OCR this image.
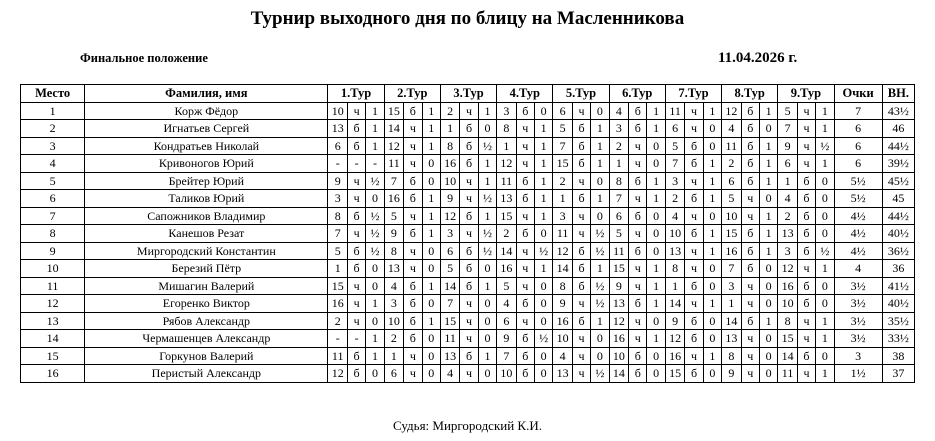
Турнир выходного дня по блицу на Масленникова
Финальное положение	11.04.2026 г.
Место	Фамилия, имя	1.Тур			2.Тур			3.Тур			4.Тур			5.Тур			6.Тур			7.Тур			8.Тур			9.Тур			Очки	ВН.
1	Корж Фёдор	10	ч	1	15	б	1	2	ч	1	3	б	0	6	ч	0	4	б	1	11	ч	1	12	б	1	5	ч	1	7	43½
2	Игнатьев Сергей	13	б	1	14	ч	1	1	б	0	8	ч	1	5	б	1	3	б	1	6	ч	0	4	б	0	7	ч	1	6	46
3	Кондратьев Николай	6	б	1	12	ч	1	8	б	½	1	ч	1	7	б	1	2	ч	0	5	б	0	11	б	1	9	ч	½	6	44½
4	Кривоногов Юрий	-	-	-	11	ч	0	16	б	1	12	ч	1	15	б	1	1	ч	0	7	б	1	2	б	1	6	ч	1	6	39½
5	Брейтер Юрий	9	ч	½	7	б	0	10	ч	1	11	б	1	2	ч	0	8	б	1	3	ч	1	6	б	1	1	б	0	5½	45½
6	Таликов Юрий	3	ч	0	16	б	1	9	ч	½	13	б	1	1	б	1	7	ч	1	2	б	1	5	ч	0	4	б	0	5½	45
7	Сапожников Владимир	8	б	½	5	ч	1	12	б	1	15	ч	1	3	ч	0	6	б	0	4	ч	0	10	ч	1	2	б	0	4½	44½
8	Канешов Резат	7	ч	½	9	б	1	3	ч	½	2	б	0	11	ч	½	5	ч	0	10	б	1	15	б	1	13	б	0	4½	40½
9	Миргородский Константин	5	б	½	8	ч	0	6	б	½	14	ч	½	12	б	½	11	б	0	13	ч	1	16	б	1	3	б	½	4½	36½
10	Березий Пётр	1	б	0	13	ч	0	5	б	0	16	ч	1	14	б	1	15	ч	1	8	ч	0	7	б	0	12	ч	1	4	36
11	Мишагин Валерий	15	ч	0	4	б	1	14	б	1	5	ч	0	8	б	½	9	ч	1	1	б	0	3	ч	0	16	б	0	3½	41½
12	Егоренко Виктор	16	ч	1	3	б	0	7	ч	0	4	б	0	9	ч	½	13	б	1	14	ч	1	1	ч	0	10	б	0	3½	40½
13	Рябов Александр	2	ч	0	10	б	1	15	ч	0	6	ч	0	16	б	1	12	ч	0	9	б	0	14	б	1	8	ч	1	3½	35½
14	Чермашенцев Александр	-	-	1	2	б	0	11	ч	0	9	б	½	10	ч	0	16	ч	1	12	б	0	13	ч	0	15	ч	1	3½	33½
15	Горкунов Валерий	11	б	1	1	ч	0	13	б	1	7	б	0	4	ч	0	10	б	0	16	ч	1	8	ч	0	14	б	0	3	38
16	Перистый Александр	12	б	0	6	ч	0	4	ч	0	10	б	0	13	ч	½	14	б	0	15	б	0	9	ч	0	11	ч	1	1½	37
Судья: Миргородский К.И.
